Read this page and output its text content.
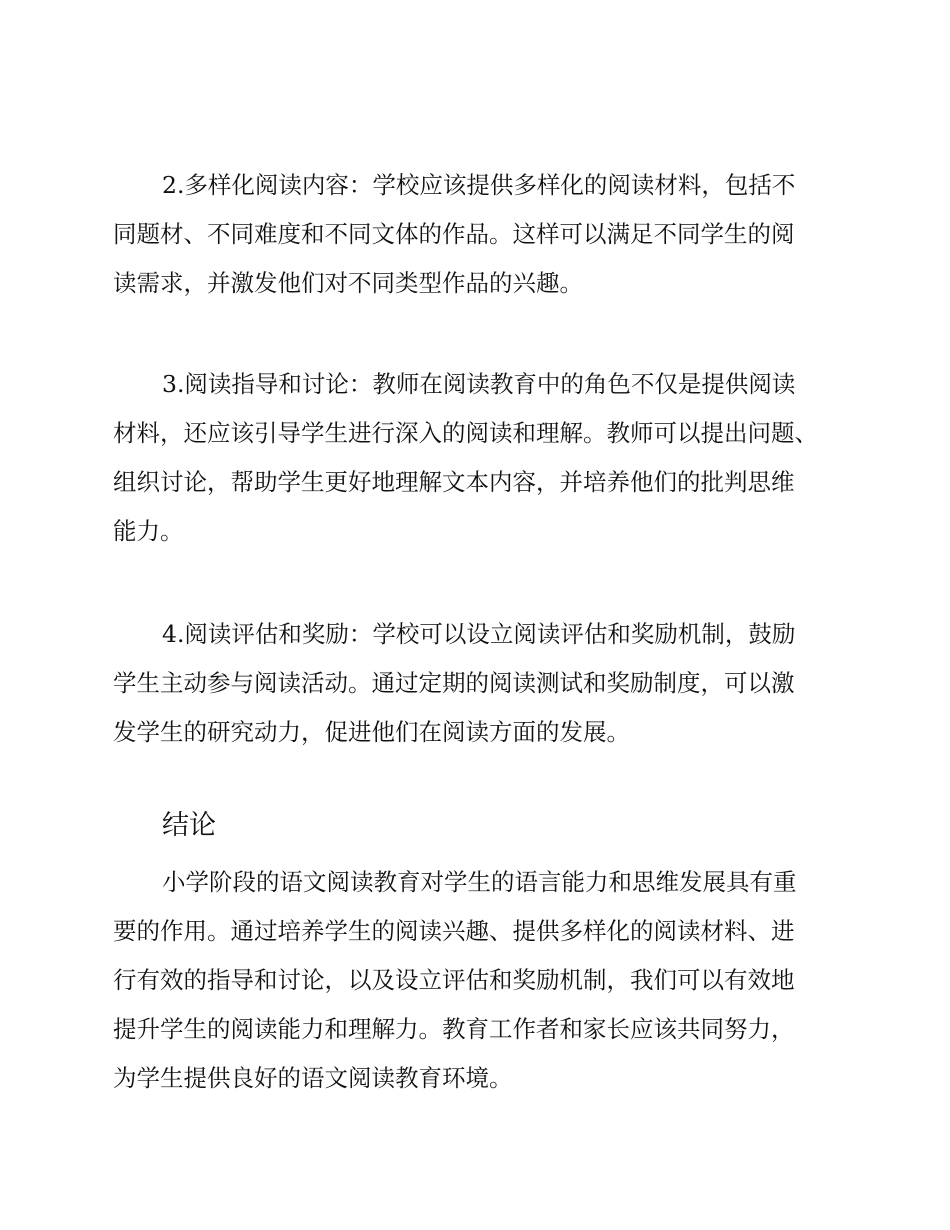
2.多样化阅读内容：学校应该提供多样化的阅读材料，包括不
同题材、不同难度和不同文体的作品。这样可以满足不同学生的阅
读需求，并激发他们对不同类型作品的兴趣。

3.阅读指导和讨论：教师在阅读教育中的角色不仅是提供阅读
材料，还应该引导学生进行深入的阅读和理解。教师可以提出问题、
组织讨论，帮助学生更好地理解文本内容，并培养他们的批判思维
能力。

4.阅读评估和奖励：学校可以设立阅读评估和奖励机制，鼓励
学生主动参与阅读活动。通过定期的阅读测试和奖励制度，可以激
发学生的研究动力，促进他们在阅读方面的发展。

结论

小学阶段的语文阅读教育对学生的语言能力和思维发展具有重
要的作用。通过培养学生的阅读兴趣、提供多样化的阅读材料、进
行有效的指导和讨论，以及设立评估和奖励机制，我们可以有效地
提升学生的阅读能力和理解力。教育工作者和家长应该共同努力，
为学生提供良好的语文阅读教育环境。
